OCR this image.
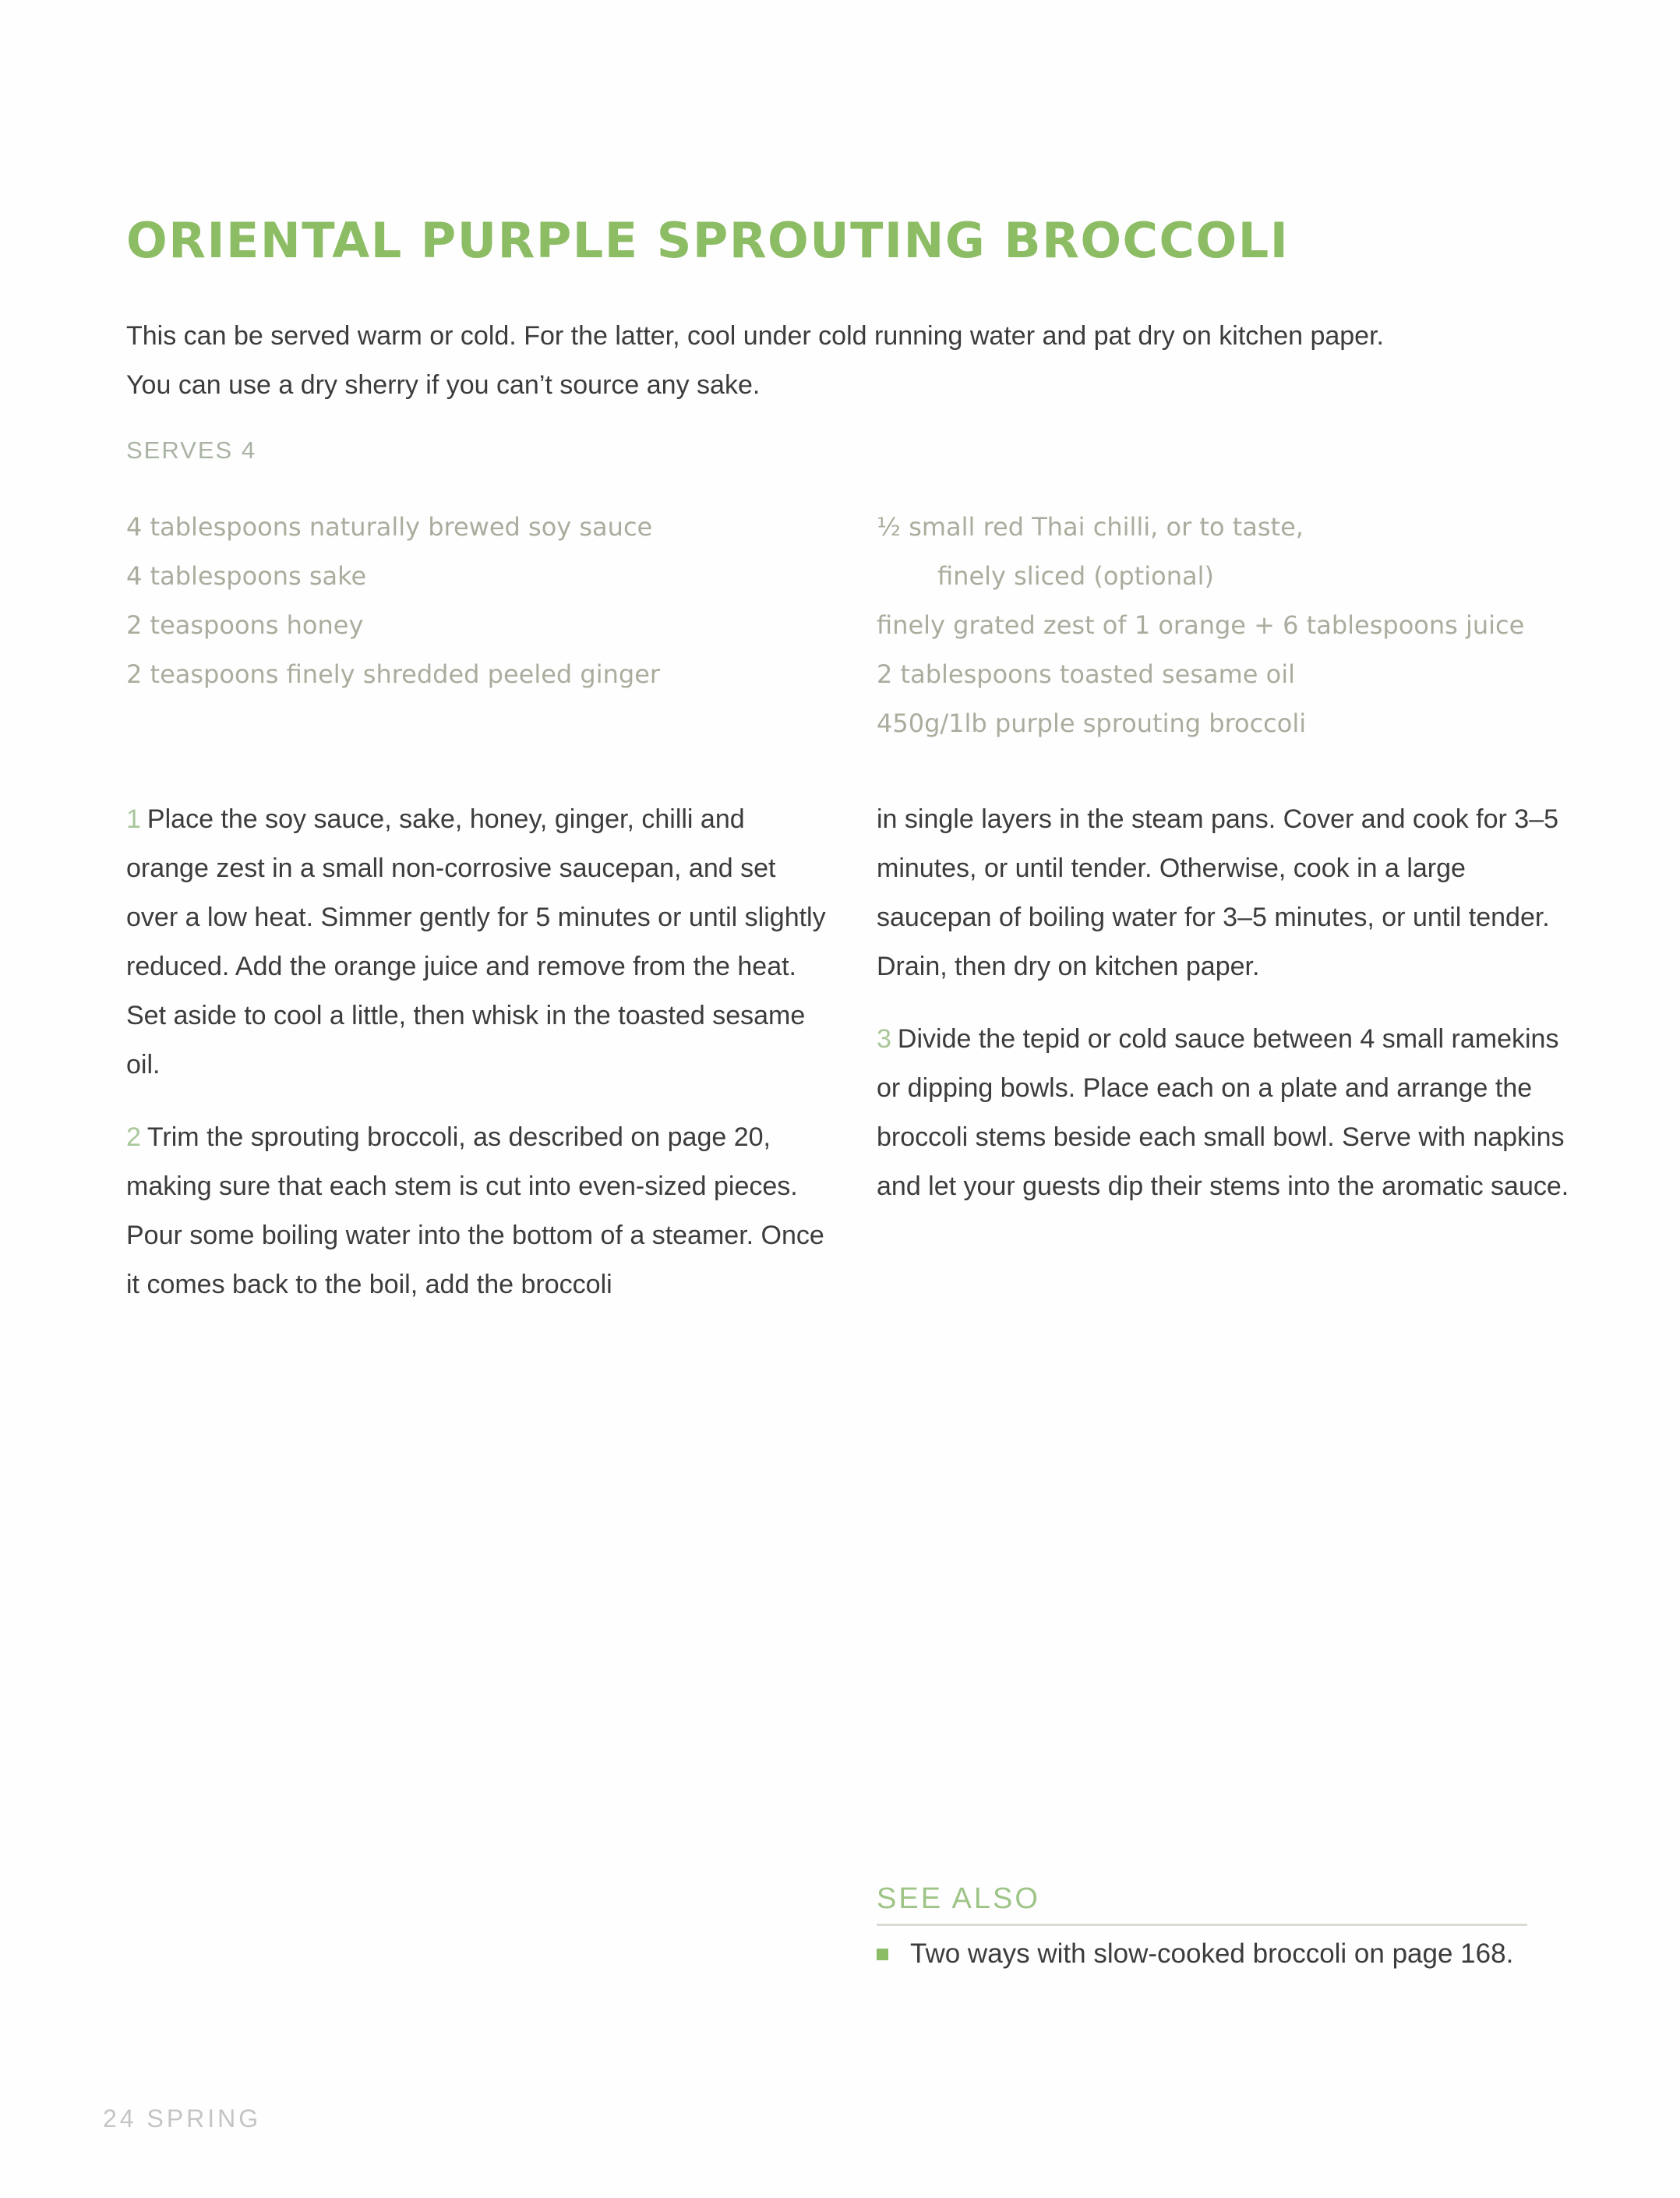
ORIENTAL PURPLE SPROUTING BROCCOLI

This can be served warm or cold. For the latter, cool under cold running water and pat dry on kitchen paper.

You can use a dry sherry if you can’t source any sake.

SERVES 4
4 tablespoons naturally brewed soy sauce
4 tablespoons sake
2 teaspoons honey
2 teaspoons finely shredded peeled ginger
½ small red Thai chilli, or to taste,
finely sliced (optional)
finely grated zest of 1 orange + 6 tablespoons juice
2 tablespoons toasted sesame oil
450g/1lb purple sprouting broccoli

1 Place the soy sauce, sake, honey, ginger, chilli and orange zest in a small non-corrosive saucepan, and set over a low heat. Simmer gently for 5 minutes or until slightly reduced. Add the orange juice and remove from the heat. Set aside to cool a little, then whisk in the toasted sesame oil.

2 Trim the sprouting broccoli, as described on page 20, making sure that each stem is cut into even-sized pieces. Pour some boiling water into the bottom of a steamer. Once it comes back to the boil, add the broccoli

in single layers in the steam pans. Cover and cook for 3–5 minutes, or until tender. Otherwise, cook in a large saucepan of boiling water for 3–5 minutes, or until tender. Drain, then dry on kitchen paper.

3 Divide the tepid or cold sauce between 4 small ramekins or dipping bowls. Place each on a plate and arrange the broccoli stems beside each small bowl. Serve with napkins and let your guests dip their stems into the aromatic sauce.

SEE ALSO
Two ways with slow-cooked broccoli on page 168.
24 SPRING
